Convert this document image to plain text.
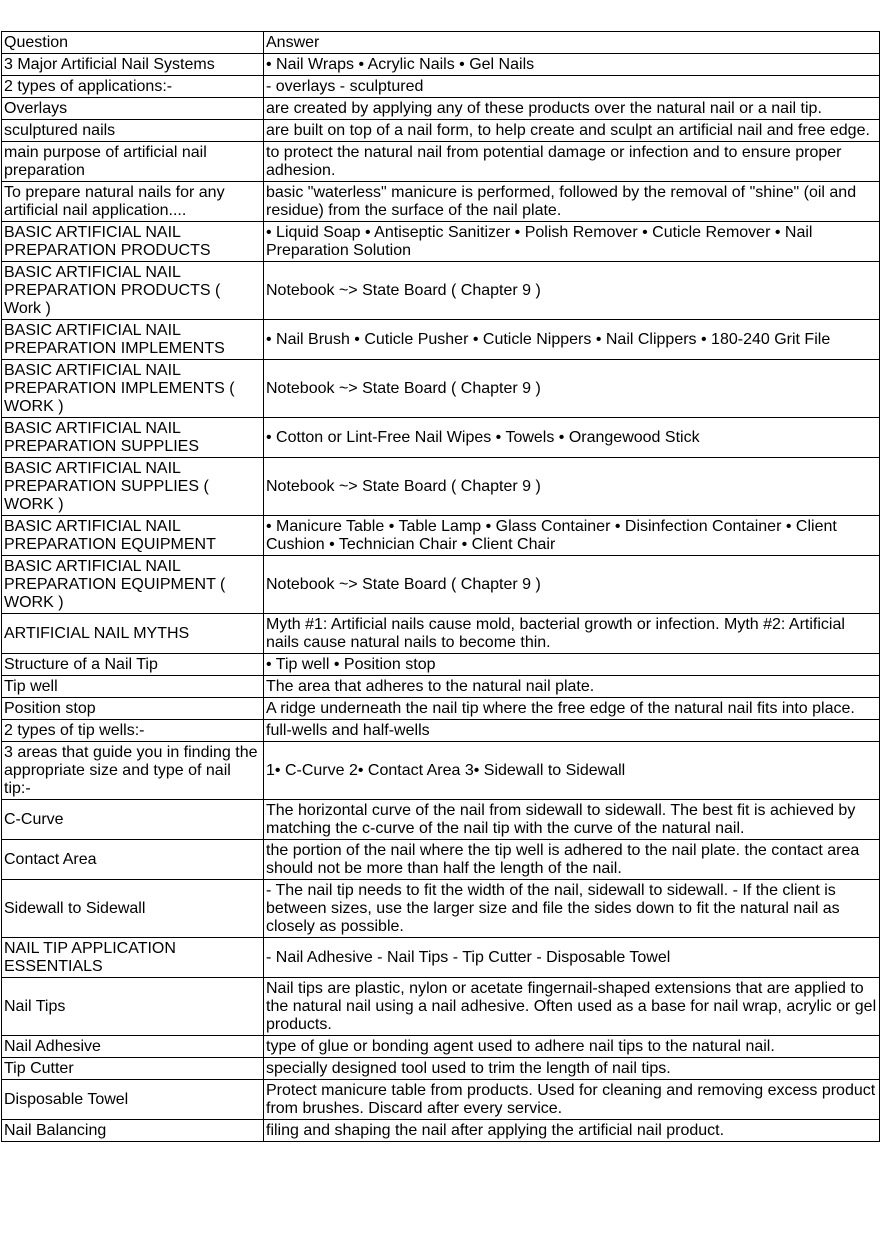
Question	Answer
3 Major Artificial Nail Systems	• Nail Wraps • Acrylic Nails • Gel Nails
2 types of applications:-	- overlays - sculptured
Overlays	are created by applying any of these products over the natural nail or a nail tip.
sculptured nails	are built on top of a nail form, to help create and sculpt an artificial nail and free edge.
main purpose of artificial nail preparation	to protect the natural nail from potential damage or infection and to ensure proper adhesion.
To prepare natural nails for any artificial nail application....	basic "waterless" manicure is performed, followed by the removal of "shine" (oil and residue) from the surface of the nail plate.
BASIC ARTIFICIAL NAIL PREPARATION PRODUCTS	• Liquid Soap • Antiseptic Sanitizer • Polish Remover • Cuticle Remover • Nail Preparation Solution
BASIC ARTIFICIAL NAIL PREPARATION PRODUCTS ( Work )	Notebook ~> State Board ( Chapter 9 )
BASIC ARTIFICIAL NAIL PREPARATION IMPLEMENTS	• Nail Brush • Cuticle Pusher • Cuticle Nippers • Nail Clippers • 180-240 Grit File
BASIC ARTIFICIAL NAIL PREPARATION IMPLEMENTS ( WORK )	Notebook ~> State Board ( Chapter 9 )
BASIC ARTIFICIAL NAIL PREPARATION SUPPLIES	• Cotton or Lint-Free Nail Wipes • Towels • Orangewood Stick
BASIC ARTIFICIAL NAIL PREPARATION SUPPLIES ( WORK )	Notebook ~> State Board ( Chapter 9 )
BASIC ARTIFICIAL NAIL PREPARATION EQUIPMENT	• Manicure Table • Table Lamp • Glass Container • Disinfection Container • Client Cushion • Technician Chair • Client Chair
BASIC ARTIFICIAL NAIL PREPARATION EQUIPMENT ( WORK )	Notebook ~> State Board ( Chapter 9 )
ARTIFICIAL NAIL MYTHS	Myth #1: Artificial nails cause mold, bacterial growth or infection. Myth #2: Artificial nails cause natural nails to become thin.
Structure of a Nail Tip	• Tip well • Position stop
Tip well	The area that adheres to the natural nail plate.
Position stop	A ridge underneath the nail tip where the free edge of the natural nail fits into place.
2 types of tip wells:-	full-wells and half-wells
3 areas that guide you in finding the appropriate size and type of nail tip:-	1• C-Curve 2• Contact Area 3• Sidewall to Sidewall
C-Curve	The horizontal curve of the nail from sidewall to sidewall. The best fit is achieved by matching the c-curve of the nail tip with the curve of the natural nail.
Contact Area	the portion of the nail where the tip well is adhered to the nail plate. the contact area should not be more than half the length of the nail.
Sidewall to Sidewall	- The nail tip needs to fit the width of the nail, sidewall to sidewall. - If the client is between sizes, use the larger size and file the sides down to fit the natural nail as closely as possible.
NAIL TIP APPLICATION ESSENTIALS	- Nail Adhesive - Nail Tips - Tip Cutter - Disposable Towel
Nail Tips	Nail tips are plastic, nylon or acetate fingernail-shaped extensions that are applied to the natural nail using a nail adhesive. Often used as a base for nail wrap, acrylic or gel products.
Nail Adhesive	type of glue or bonding agent used to adhere nail tips to the natural nail.
Tip Cutter	specially designed tool used to trim the length of nail tips.
Disposable Towel	Protect manicure table from products. Used for cleaning and removing excess product from brushes. Discard after every service.
Nail Balancing	filing and shaping the nail after applying the artificial nail product.
